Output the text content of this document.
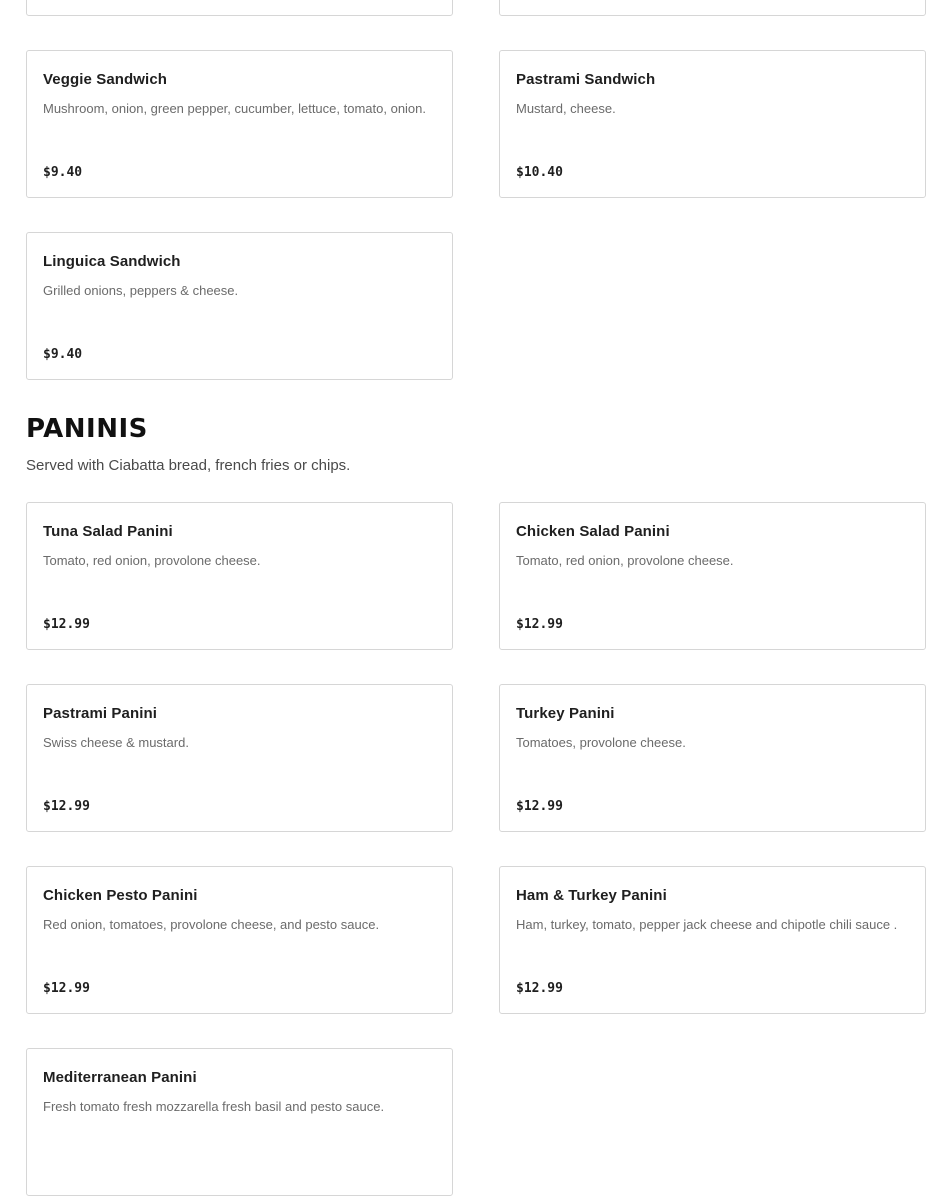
Veggie Sandwich
Mushroom, onion, green pepper, cucumber, lettuce, tomato, onion.
$9.40
Pastrami Sandwich
Mustard, cheese.
$10.40
Linguica Sandwich
Grilled onions, peppers & cheese.
$9.40
PANINIS
Served with Ciabatta bread, french fries or chips.
Tuna Salad Panini
Tomato, red onion, provolone cheese.
$12.99
Chicken Salad Panini
Tomato, red onion, provolone cheese.
$12.99
Pastrami Panini
Swiss cheese & mustard.
$12.99
Turkey Panini
Tomatoes, provolone cheese.
$12.99
Chicken Pesto Panini
Red onion, tomatoes, provolone cheese, and pesto sauce.
$12.99
Ham & Turkey Panini
Ham, turkey, tomato, pepper jack cheese and chipotle chili sauce .
$12.99
Mediterranean Panini
Fresh tomato fresh mozzarella fresh basil and pesto sauce.
